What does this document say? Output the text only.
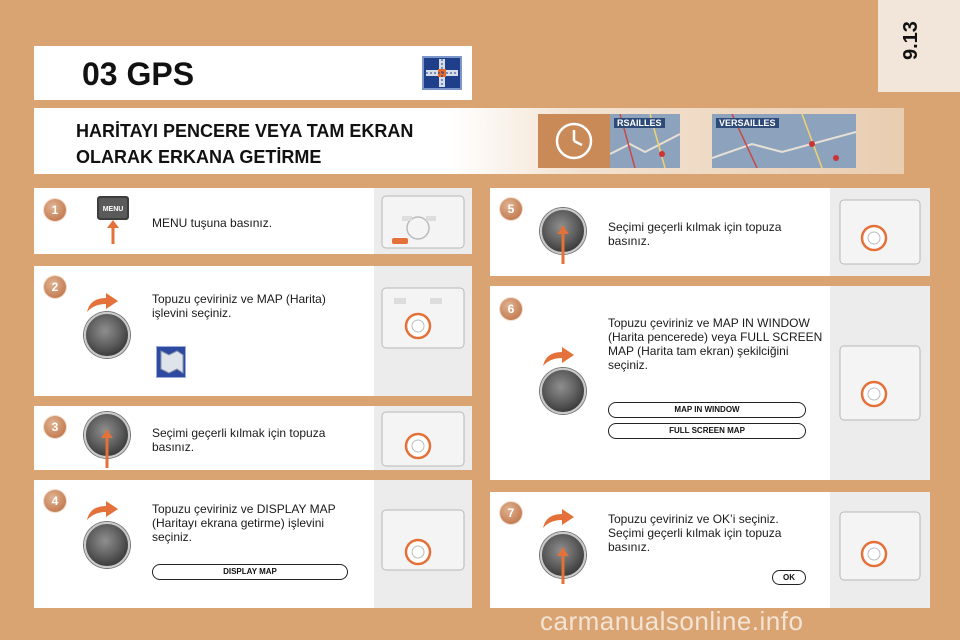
9.13
03 GPS
HARİTAYI PENCERE VEYA TAM EKRAN
OLARAK ERKANA GETİRME
RSAILLES	VERSAILLES
1	MENU
MENU tuşuna basınız.
2
Topuzu çeviriniz ve MAP (Harita) işlevini seçiniz.
3	Seçimi geçerli kılmak için topuza basınız.
4
Topuzu çeviriniz ve DISPLAY MAP (Haritayı ekrana getirme) işlevini seçiniz.
DISPLAY MAP
5
Seçimi geçerli kılmak için topuza basınız.
6
Topuzu çeviriniz ve MAP IN WINDOW (Harita pencerede) veya FULL SCREEN MAP (Harita tam ekran) şekilciğini seçiniz.
MAP IN WINDOW
FULL SCREEN MAP
7	Topuzu çeviriniz ve OK’i seçiniz. Seçimi geçerli kılmak için topuza basınız.
OK
carmanualsonline.info
